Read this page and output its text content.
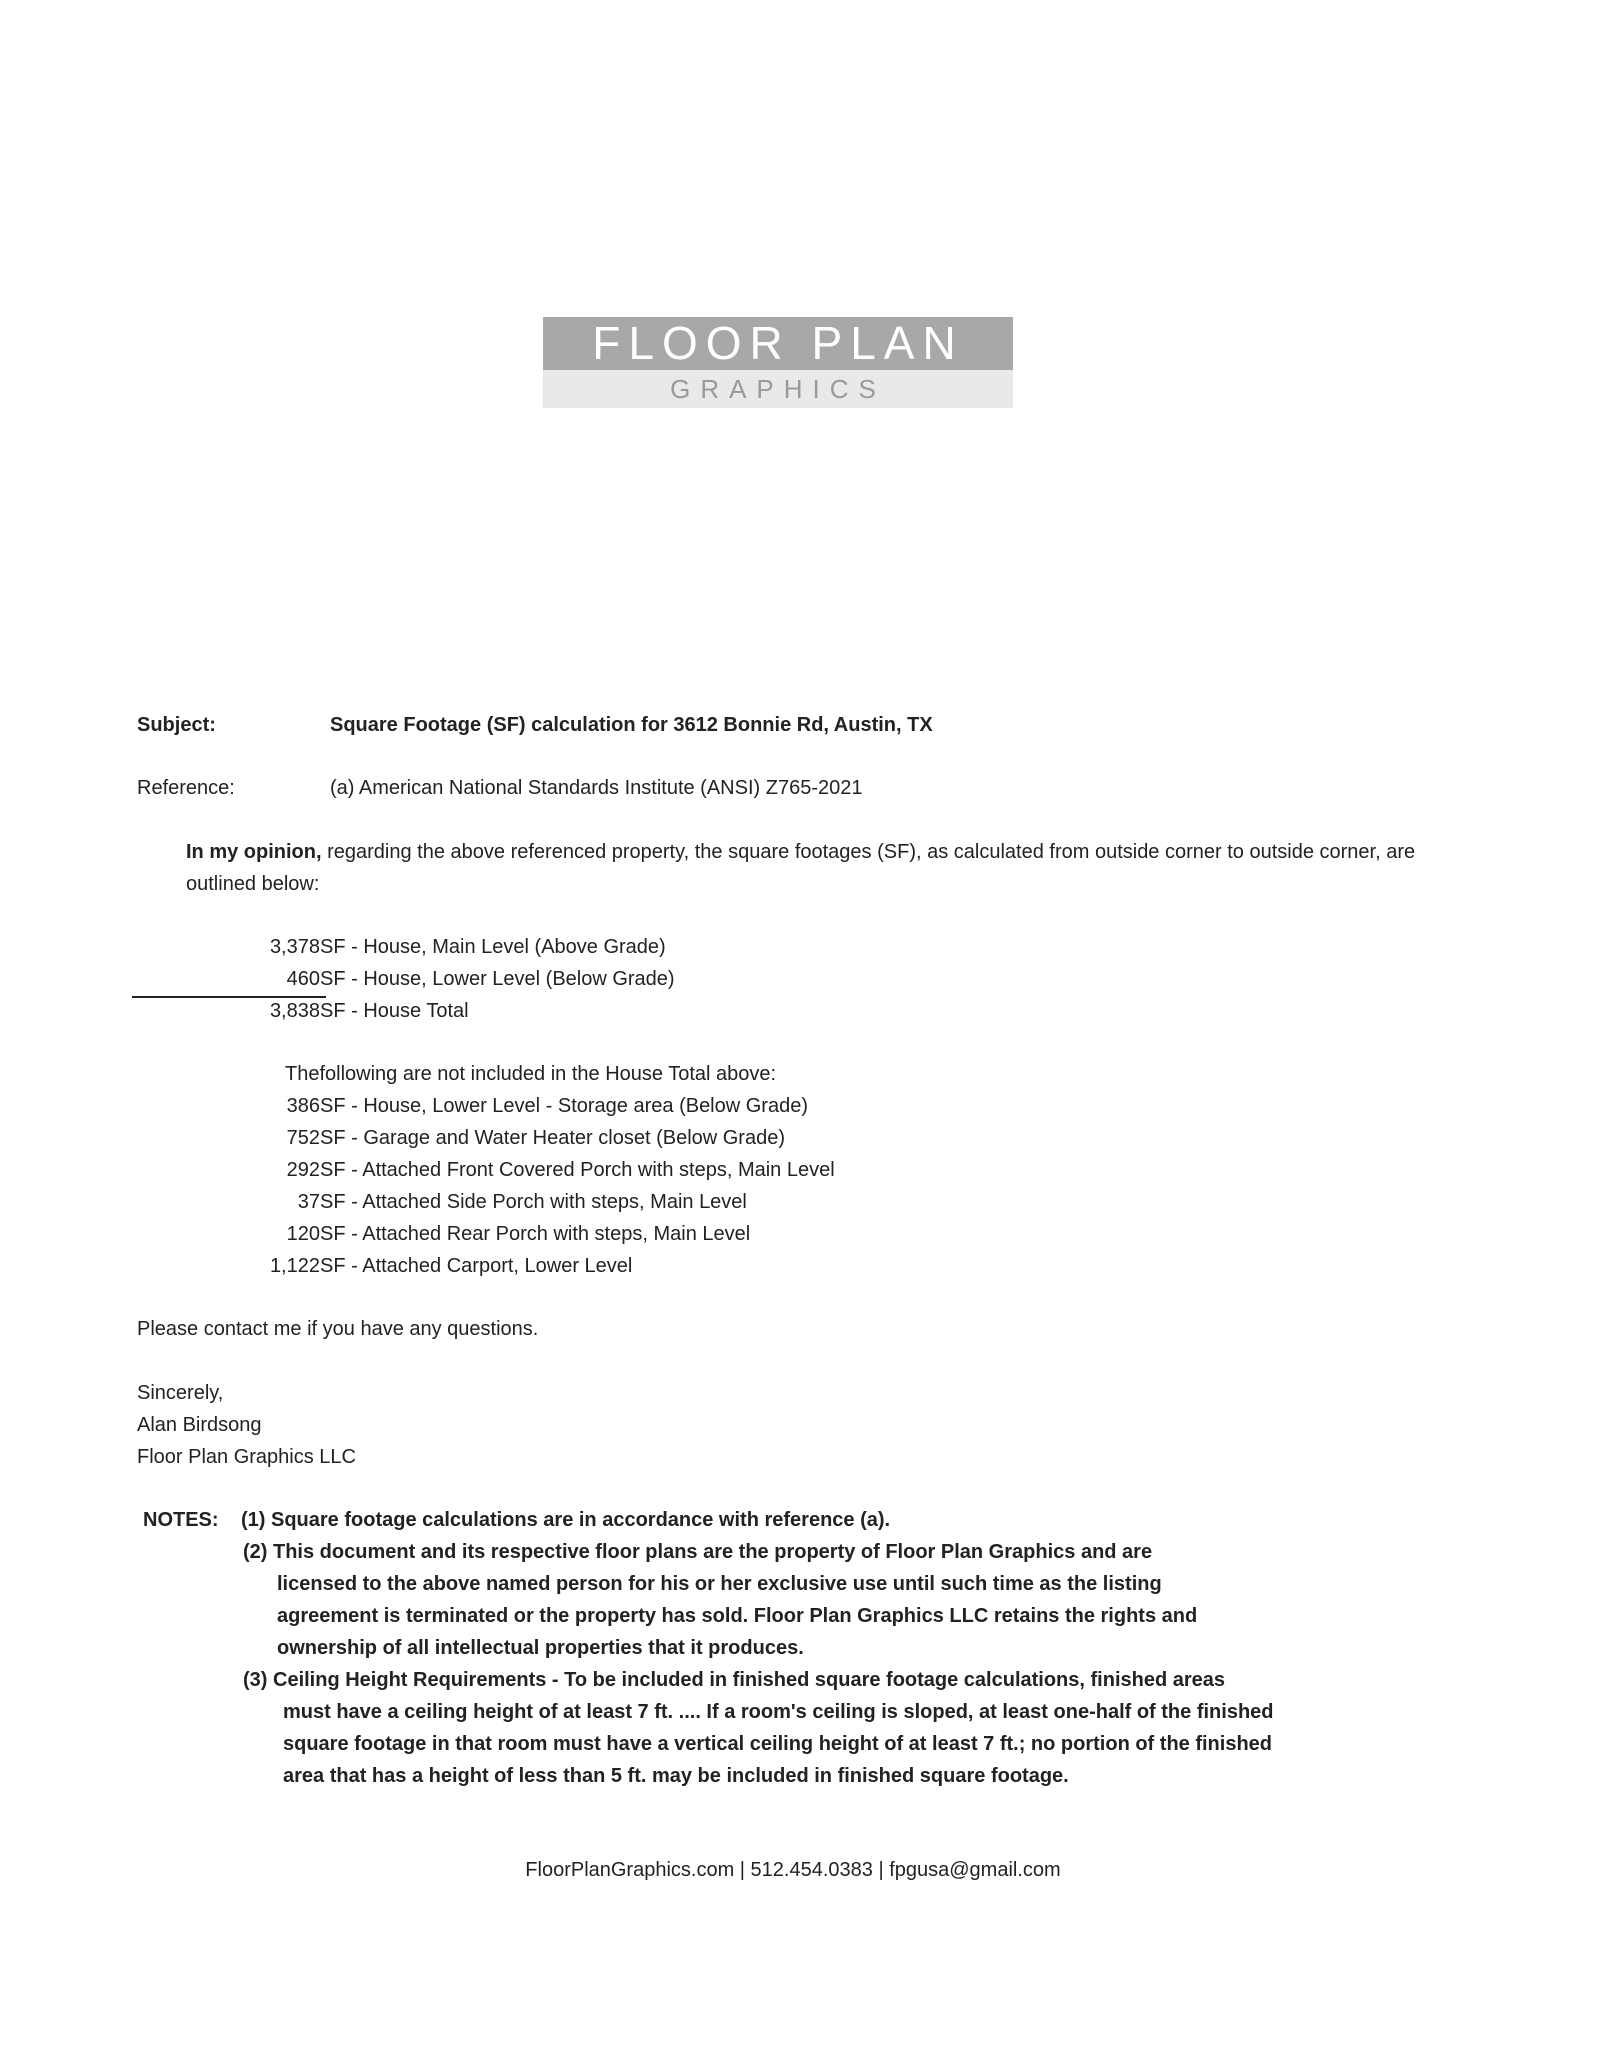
FLOOR PLAN
GRAPHICS
Subject:	Square Footage (SF) calculation for 3612 Bonnie Rd, Austin, TX
Reference:	(a) American National Standards Institute (ANSI) Z765-2021
In my opinion, regarding the above referenced property, the square footages (SF), as calculated from outside corner to outside corner, are
outlined below:
3,378 SF - House, Main Level (Above Grade)
460 SF - House, Lower Level (Below Grade)
3,838 SF - House Total
Thefollowing are not included in the House Total above:
386 SF - House, Lower Level - Storage area (Below Grade)
752 SF - Garage and Water Heater closet (Below Grade)
292 SF - Attached Front Covered Porch with steps, Main Level
37 SF - Attached Side Porch with steps, Main Level
120 SF - Attached Rear Porch with steps, Main Level
1,122 SF - Attached Carport, Lower Level
Please contact me if you have any questions.
Sincerely,
Alan Birdsong
Floor Plan Graphics LLC
NOTES: (1) Square footage calculations are in accordance with reference (a).
(2) This document and its respective floor plans are the property of Floor Plan Graphics and are
licensed to the above named person for his or her exclusive use until such time as the listing
agreement is terminated or the property has sold. Floor Plan Graphics LLC retains the rights and
ownership of all intellectual properties that it produces.
(3) Ceiling Height Requirements - To be included in finished square footage calculations, finished areas
must have a ceiling height of at least 7 ft. .... If a room's ceiling is sloped, at least one-half of the finished
square footage in that room must have a vertical ceiling height of at least 7 ft.; no portion of the finished
area that has a height of less than 5 ft. may be included in finished square footage.
FloorPlanGraphics.com | 512.454.0383 | fpgusa@gmail.com
